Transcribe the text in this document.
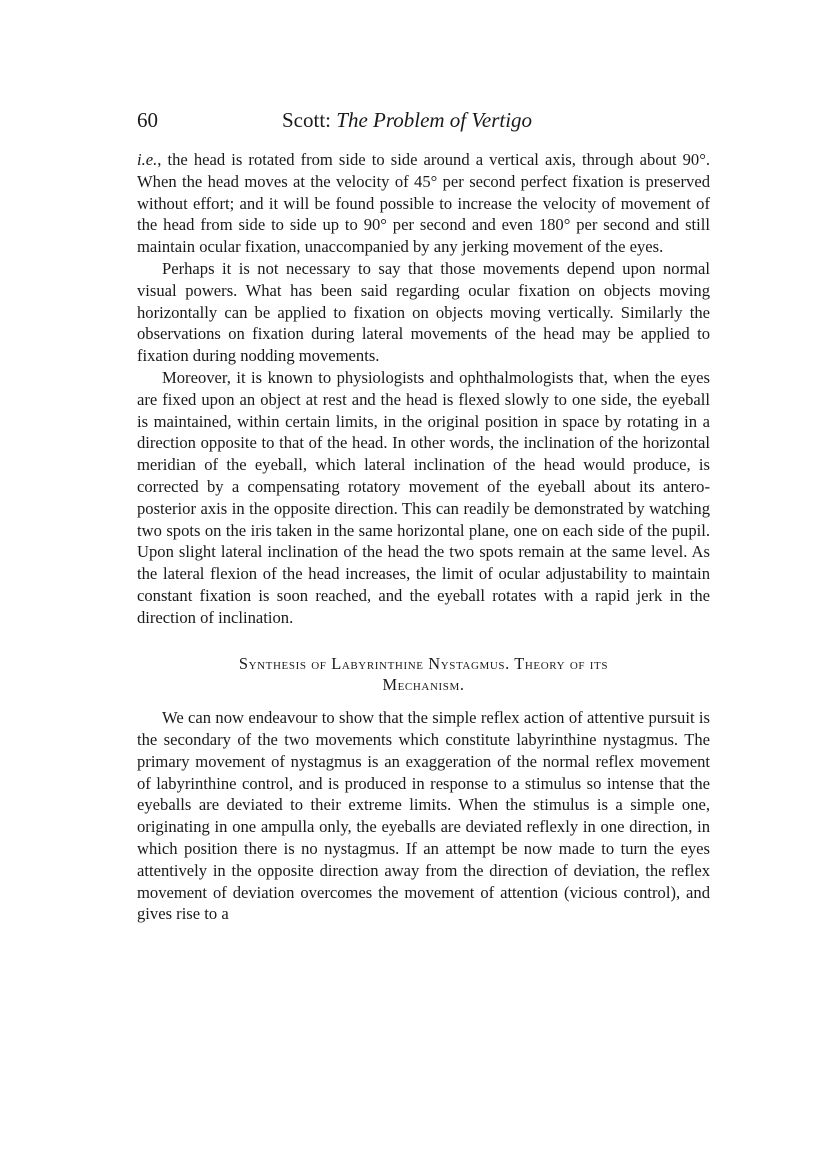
60	Scott: The Problem of Vertigo

i.e., the head is rotated from side to side around a vertical axis, through about 90°. When the head moves at the velocity of 45° per second perfect fixation is preserved without effort; and it will be found possible to increase the velocity of movement of the head from side to side up to 90° per second and even 180° per second and still maintain ocular fixation, unaccompanied by any jerking movement of the eyes.

Perhaps it is not necessary to say that those movements depend upon normal visual powers. What has been said regarding ocular fixation on objects moving horizontally can be applied to fixation on objects moving vertically. Similarly the observations on fixation during lateral movements of the head may be applied to fixation during nodding movements.

Moreover, it is known to physiologists and ophthalmologists that, when the eyes are fixed upon an object at rest and the head is flexed slowly to one side, the eyeball is maintained, within certain limits, in the original position in space by rotating in a direction opposite to that of the head. In other words, the inclination of the horizontal meridian of the eyeball, which lateral inclination of the head would produce, is corrected by a compensating rotatory movement of the eyeball about its antero-posterior axis in the opposite direction. This can readily be demonstrated by watching two spots on the iris taken in the same horizontal plane, one on each side of the pupil. Upon slight lateral inclination of the head the two spots remain at the same level. As the lateral flexion of the head increases, the limit of ocular adjustability to maintain constant fixation is soon reached, and the eyeball rotates with a rapid jerk in the direction of inclination.

Synthesis of Labyrinthine Nystagmus. Theory of its
Mechanism.

We can now endeavour to show that the simple reflex action of attentive pursuit is the secondary of the two movements which constitute labyrinthine nystagmus. The primary movement of nystagmus is an exaggeration of the normal reflex movement of labyrinthine control, and is produced in response to a stimulus so intense that the eyeballs are deviated to their extreme limits. When the stimulus is a simple one, originating in one ampulla only, the eyeballs are deviated reflexly in one direction, in which position there is no nystagmus. If an attempt be now made to turn the eyes attentively in the opposite direction away from the direction of deviation, the reflex movement of deviation overcomes the movement of attention (vicious control), and gives rise to a
